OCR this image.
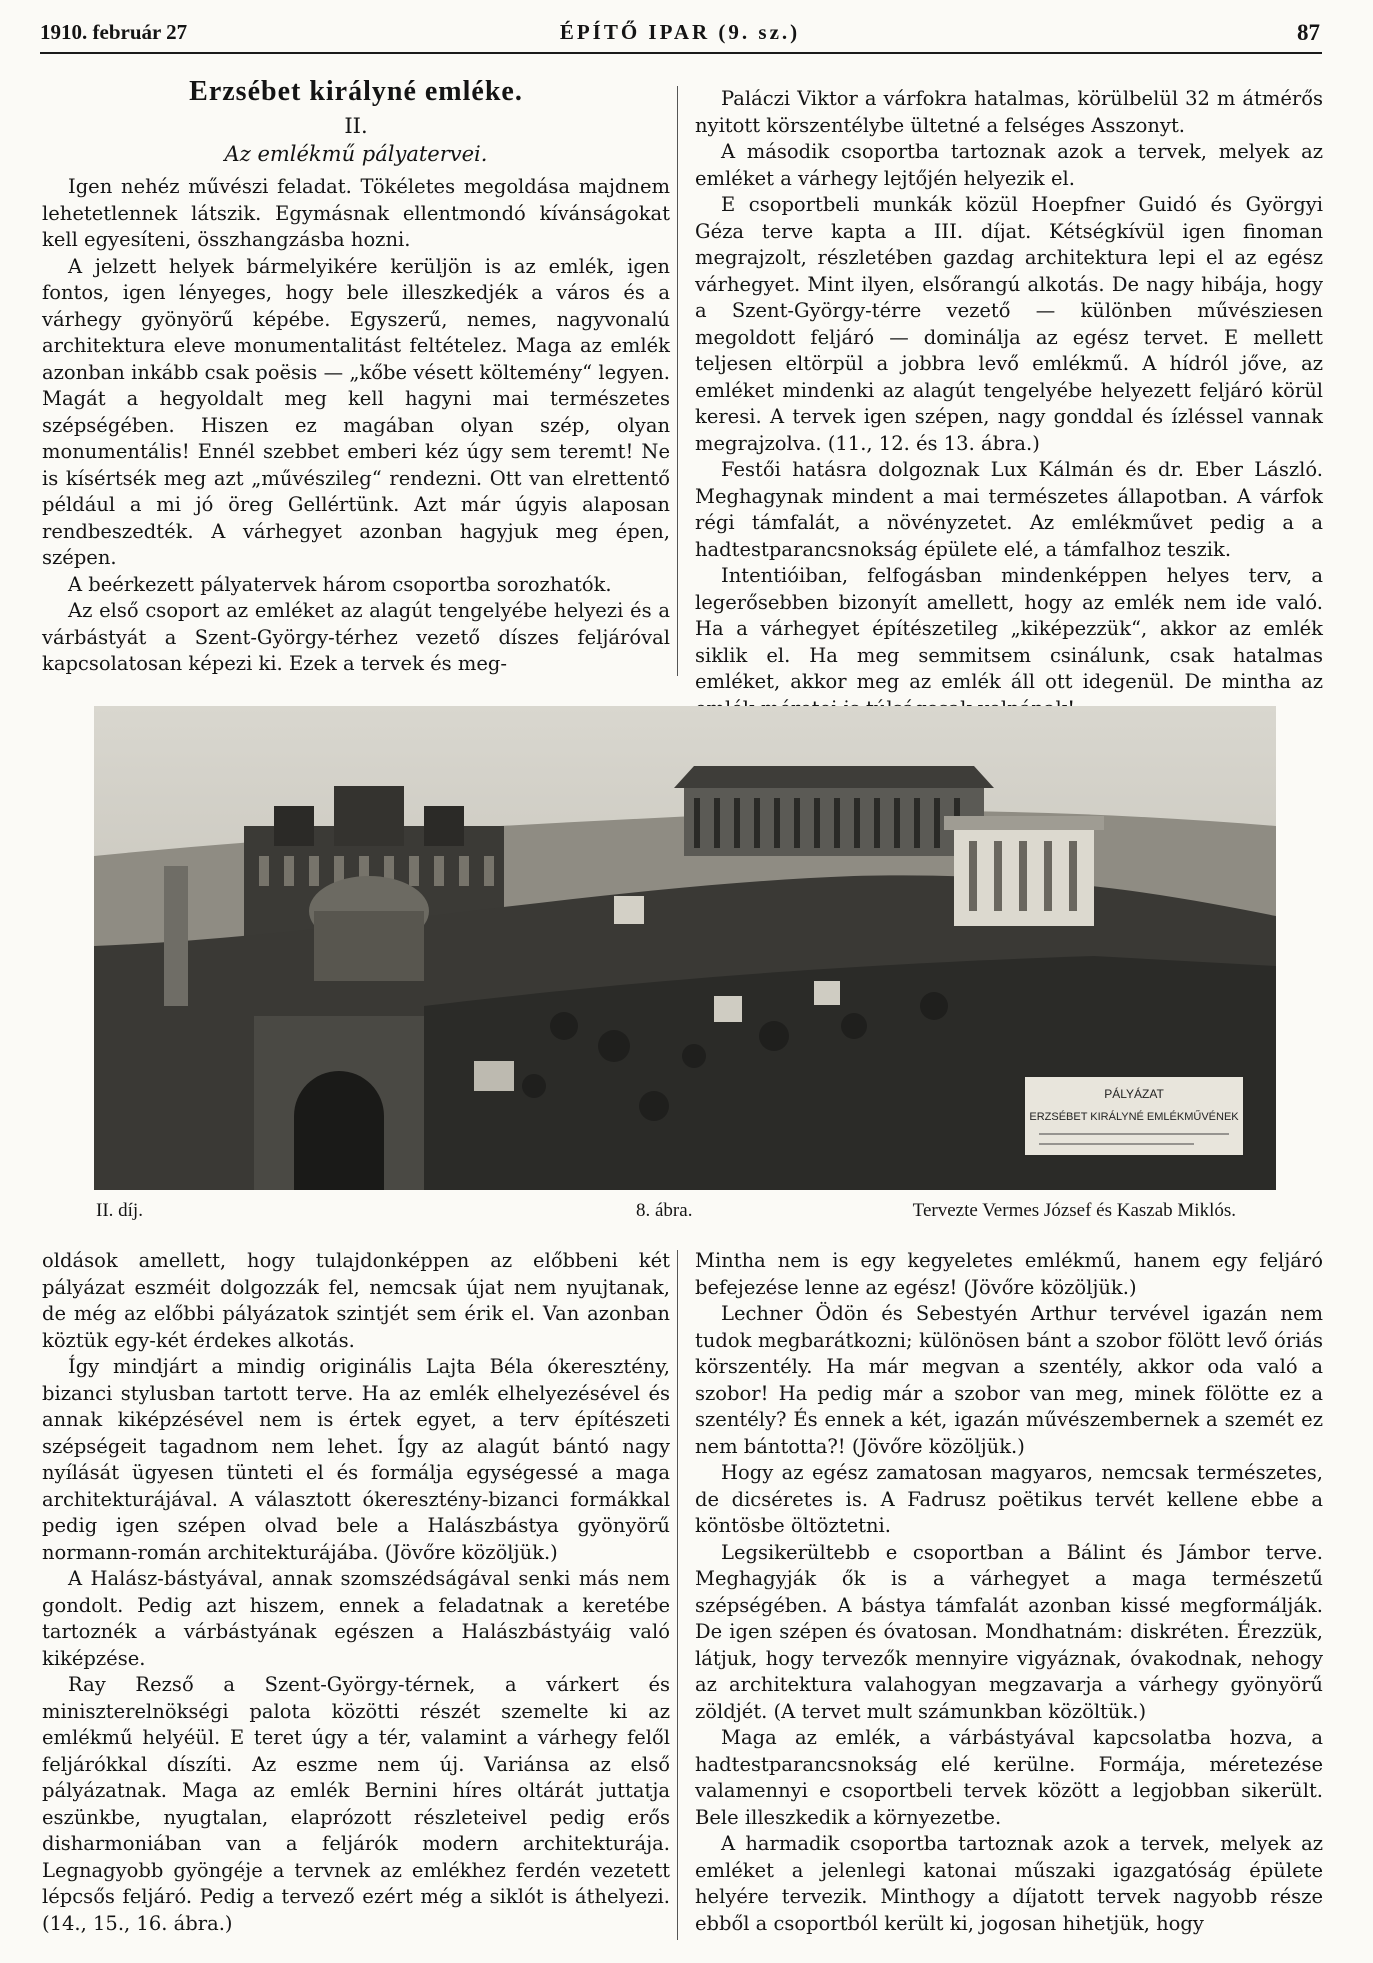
1910. február 27	ÉPÍTŐ IPAR (9. sz.)	87
Erzsébet királyné emléke.
II.
Az emlékmű pályatervei.

Igen nehéz művészi feladat. Tökéletes megoldása majdnem lehetetlennek látszik. Egymásnak ellentmondó kívánságokat kell egyesíteni, összhangzásba hozni.

A jelzett helyek bármelyikére kerüljön is az emlék, igen fontos, igen lényeges, hogy bele illeszkedjék a város és a várhegy gyönyörű képébe. Egyszerű, nemes, nagyvonalú architektura eleve monumentalitást feltételez. Maga az emlék azonban inkább csak poësis — „kőbe vésett költemény“ legyen. Magát a hegyoldalt meg kell hagyni mai természetes szépségében. Hiszen ez magában olyan szép, olyan monumentális! Ennél szebbet emberi kéz úgy sem teremt! Ne is kísértsék meg azt „művészileg“ rendezni. Ott van elrettentő például a mi jó öreg Gellértünk. Azt már úgyis alaposan rendbeszedték. A várhegyet azonban hagyjuk meg épen, szépen.

A beérkezett pályatervek három csoportba sorozhatók.

Az első csoport az emléket az alagút tengelyébe helyezi és a várbástyát a Szent-György-térhez vezető díszes feljáróval kapcsolatosan képezi ki. Ezek a tervek és meg-

Paláczi Viktor a várfokra hatalmas, körülbelül 32 m átmérős nyitott körszentélybe ültetné a felséges Asszonyt.

A második csoportba tartoznak azok a tervek, melyek az emléket a várhegy lejtőjén helyezik el.

E csoportbeli munkák közül Hoepfner Guidó és Györgyi Géza terve kapta a III. díjat. Kétségkívül igen finoman megrajzolt, részletében gazdag architektura lepi el az egész várhegyet. Mint ilyen, elsőrangú alkotás. De nagy hibája, hogy a Szent-György-térre vezető — különben művésziesen megoldott feljáró — dominálja az egész tervet. E mellett teljesen eltörpül a jobbra levő emlékmű. A hídról jőve, az emléket mindenki az alagút tengelyébe helyezett feljáró körül keresi. A tervek igen szépen, nagy gonddal és ízléssel vannak megrajzolva. (11., 12. és 13. ábra.)

Festői hatásra dolgoznak Lux Kálmán és dr. Eber László. Meghagynak mindent a mai természetes állapotban. A várfok régi támfalát, a növényzetet. Az emlékművet pedig a a hadtestparancsnokság épülete elé, a támfalhoz teszik.

Intentióiban, felfogásban mindenképpen helyes terv, a legerősebben bizonyít amellett, hogy az emlék nem ide való. Ha a várhegyet építészetileg „kiképezzük“, akkor az emlék siklik el. Ha meg semmitsem csinálunk, csak hatalmas emléket, akkor meg az emlék áll ott idegenül. De mintha az

PÁLYÁZAT
ERZSÉBET KIRÁLYNÉ EMLÉKMŰVÉNEK
II. díj.	8. ábra.	Tervezte Vermes József és Kaszab Miklós.

oldások amellett, hogy tulajdonképpen az előbbeni két pályázat eszméit dolgozzák fel, nemcsak újat nem nyujtanak, de még az előbbi pályázatok szintjét sem érik el. Van azonban köztük egy-két érdekes alkotás.

Így mindjárt a mindig originális Lajta Béla ókeresztény, bizanci stylusban tartott terve. Ha az emlék elhelyezésével és annak kiképzésével nem is értek egyet, a terv építészeti szépségeit tagadnom nem lehet. Így az alagút bántó nagy nyílását ügyesen tünteti el és formálja egységessé a maga architekturájával. A választott ókeresztény-bizanci formákkal pedig igen szépen olvad bele a Halászbástya gyönyörű normann-román architekturájába. (Jövőre közöljük.)

A Halász-bástyával, annak szomszédságával senki más nem gondolt. Pedig azt hiszem, ennek a feladatnak a keretébe tartoznék a várbástyának egészen a Halászbástyáig való kiképzése.

Ray Rezső a Szent-György-térnek, a várkert és miniszterelnökségi palota közötti részét szemelte ki az emlékmű helyéül. E teret úgy a tér, valamint a várhegy felől feljárókkal díszíti. Az eszme nem új. Variánsa az első pályázatnak. Maga az emlék Bernini híres oltárát juttatja eszünkbe, nyugtalan, elaprózott részleteivel pedig erős disharmoniában van a feljárók modern architekturája. Legnagyobb gyöngéje a tervnek az emlékhez ferdén vezetett lépcsős feljáró. Pedig a tervező ezért még a siklót is áthelyezi. (14., 15., 16. ábra.)

Mintha nem is egy kegyeletes emlékmű, hanem egy feljáró befejezése lenne az egész! (Jövőre közöljük.)

Lechner Ödön és Sebestyén Arthur tervével igazán nem tudok megbarátkozni; különösen bánt a szobor fölött levő óriás körszentély. Ha már megvan a szentély, akkor oda való a szobor! Ha pedig már a szobor van meg, minek fölötte ez a szentély? És ennek a két, igazán művészembernek a szemét ez nem bántotta?! (Jövőre közöljük.)

Hogy az egész zamatosan magyaros, nemcsak természetes, de dicséretes is. A Fadrusz poëtikus tervét kellene ebbe a köntösbe öltöztetni.

Legsikerültebb e csoportban a Bálint és Jámbor terve. Meghagyják ők is a várhegyet a maga természetű szépségében. A bástya támfalát azonban kissé megformálják. De igen szépen és óvatosan. Mondhatnám: diskréten. Érezzük, látjuk, hogy tervezők mennyire vigyáznak, óvakodnak, nehogy az architektura valahogyan megzavarja a várhegy gyönyörű zöldjét. (A tervet mult számunkban közöltük.)

Maga az emlék, a várbástyával kapcsolatba hozva, a hadtestparancsnokság elé kerülne. Formája, méretezése valamennyi e csoportbeli tervek között a legjobban sikerült. Bele illeszkedik a környezetbe.

A harmadik csoportba tartoznak azok a tervek, melyek az emléket a jelenlegi katonai műszaki igazgatóság épülete helyére tervezik. Minthogy a díjatott tervek nagyobb része ebből a csoportból került ki, jogosan hihetjük, hogy
